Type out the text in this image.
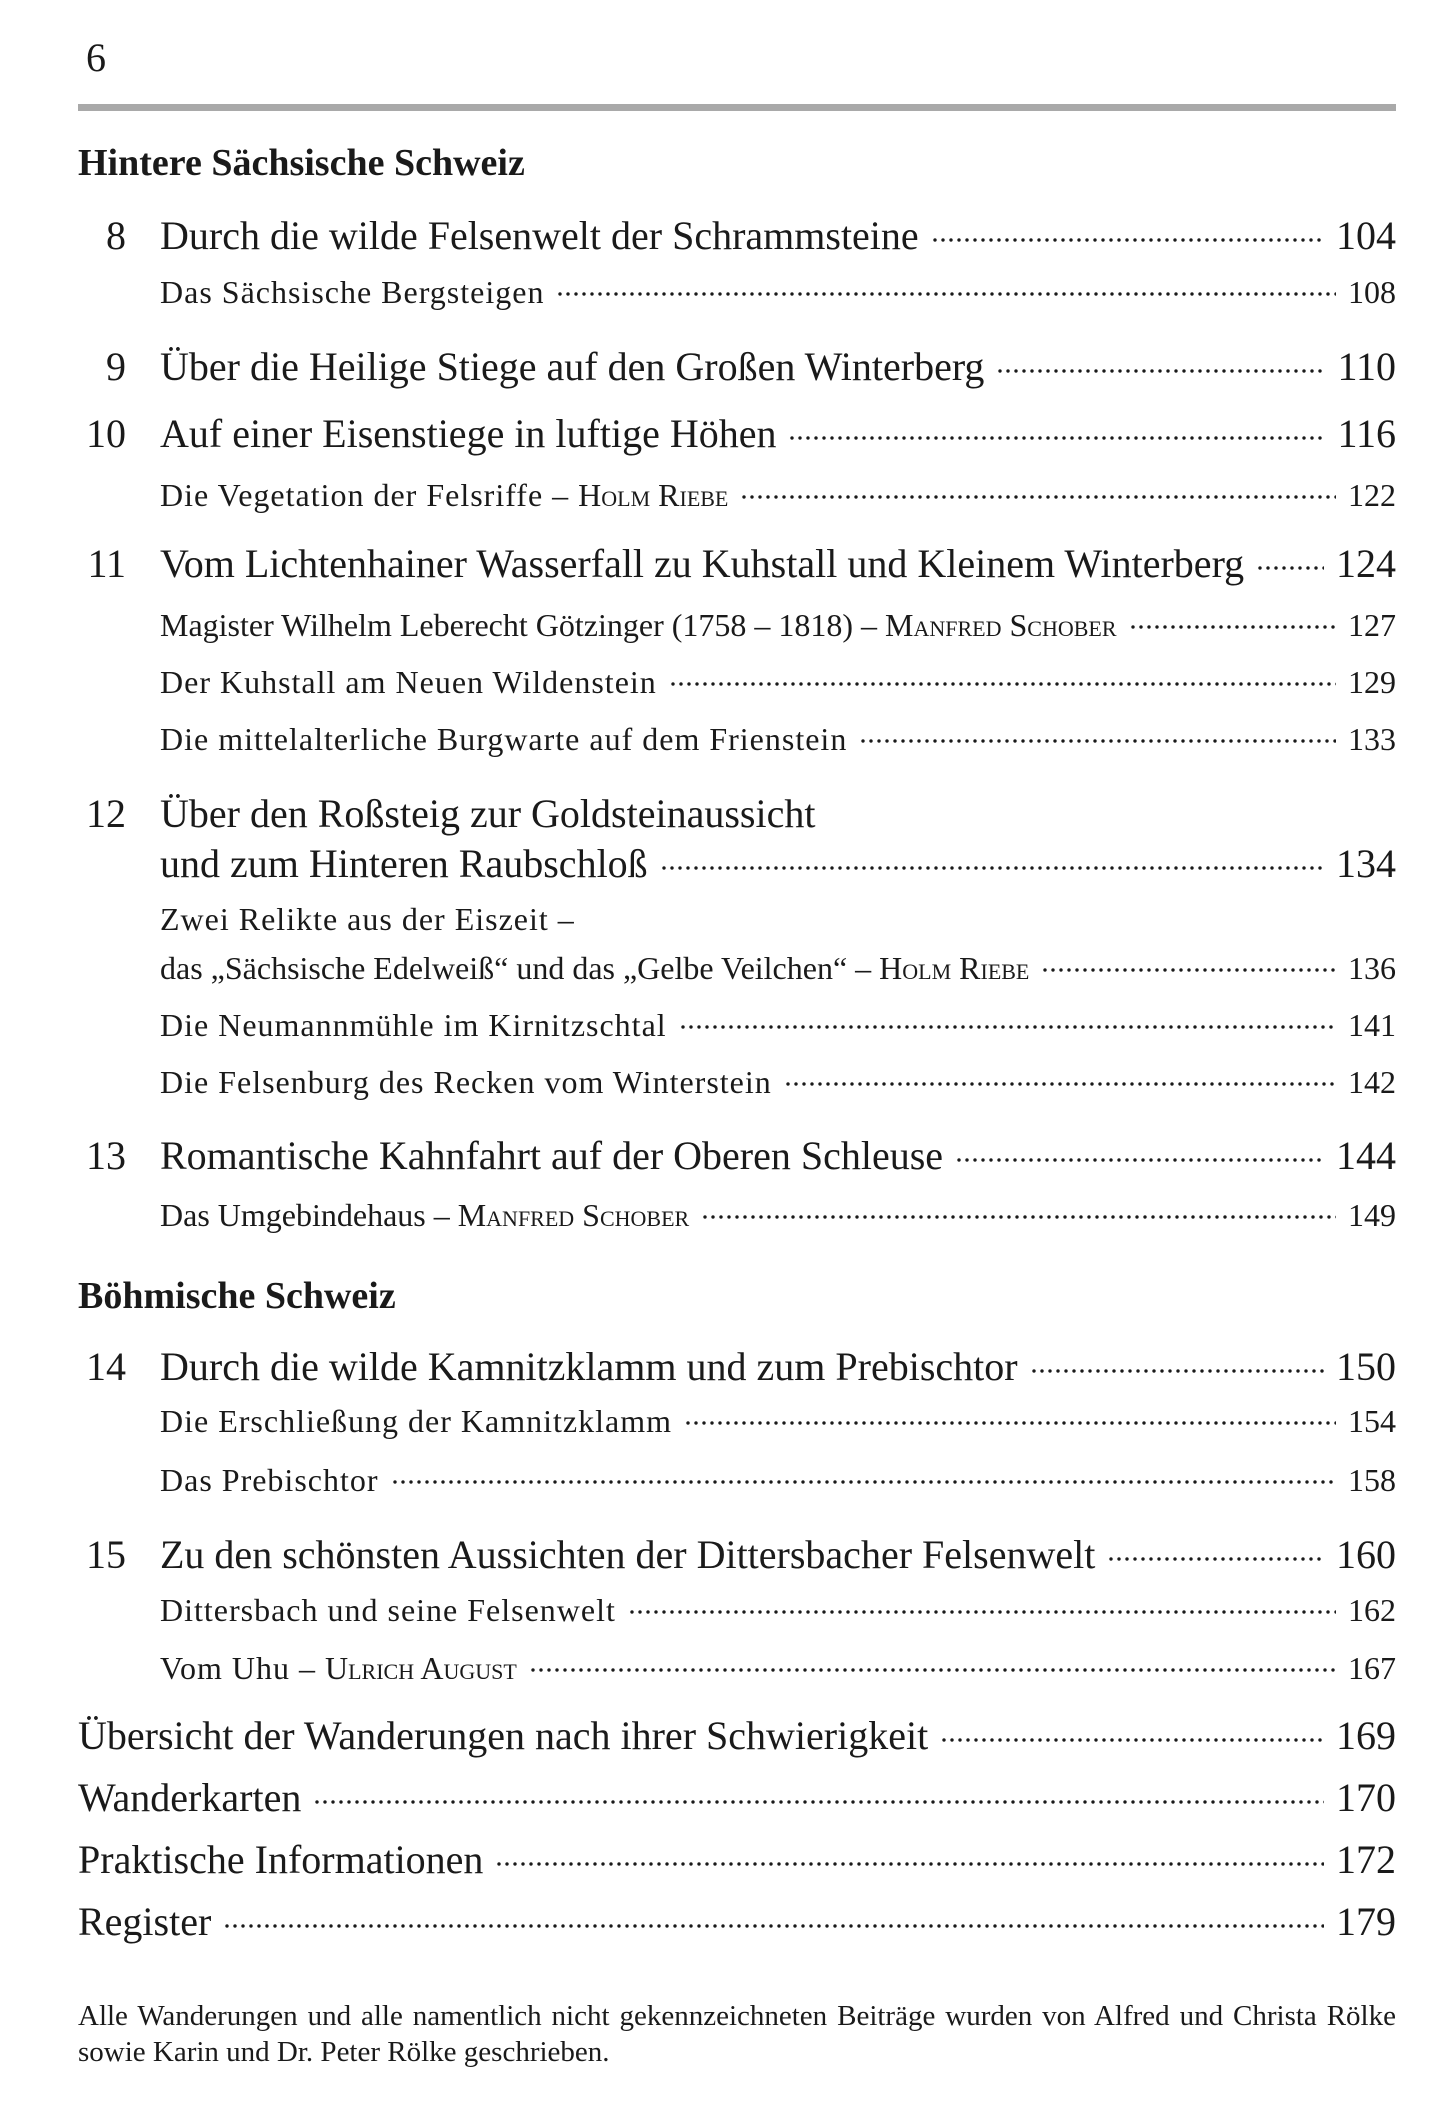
6
Hintere Sächsische Schweiz
8 Durch die wilde Felsenwelt der Schrammsteine	104
Das Sächsische Bergsteigen	108
9 Über die Heilige Stiege auf den Großen Winterberg	110
10 Auf einer Eisenstiege in luftige Höhen	116
Die Vegetation der Felsriffe – Holm Riebe	122
11 Vom Lichtenhainer Wasserfall zu Kuhstall und Kleinem Winterberg 124
Magister Wilhelm Leberecht Götzinger (1758 – 1818) – Manfred Schober	127
Der Kuhstall am Neuen Wildenstein	129
Die mittelalterliche Burgwarte auf dem Frienstein	133
12 Über den Roßsteig zur Goldsteinaussicht
und zum Hinteren Raubschloß	134
Zwei Relikte aus der Eiszeit –
das „Sächsische Edelweiß“ und das „Gelbe Veilchen“ – Holm Riebe	136
Die Neumannmühle im Kirnitzschtal	141
Die Felsenburg des Recken vom Winterstein	142
13 Romantische Kahnfahrt auf der Oberen Schleuse	144
Das Umgebindehaus – Manfred Schober	149
Böhmische Schweiz
14 Durch die wilde Kamnitzklamm und zum Prebischtor	150
Die Erschließung der Kamnitzklamm	154
Das Prebischtor	158
15 Zu den schönsten Aussichten der Dittersbacher Felsenwelt	160
Dittersbach und seine Felsenwelt	162
Vom Uhu – Ulrich August	167
Übersicht der Wanderungen nach ihrer Schwierigkeit	169
Wanderkarten	170
Praktische Informationen	172
Register	179
Alle Wanderungen und alle namentlich nicht gekennzeichneten Beiträge wurden von Alfred und Christa Rölke sowie Karin und Dr. Peter Rölke geschrieben.
